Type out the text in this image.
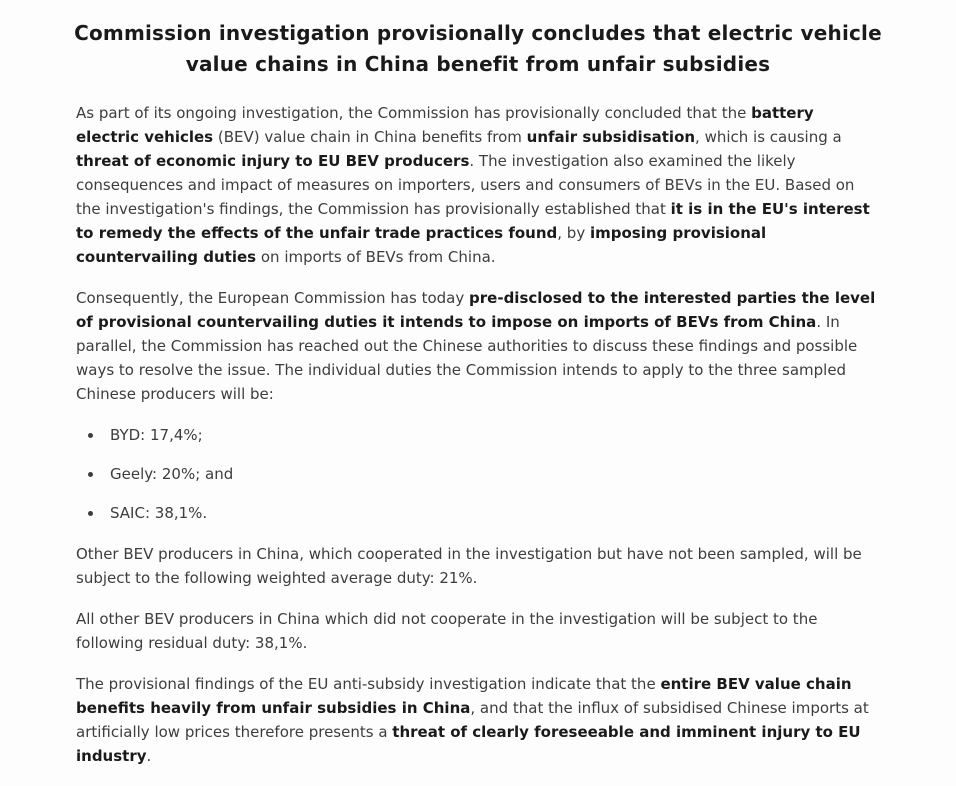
Commission investigation provisionally concludes that electric vehicle value chains in China benefit from unfair subsidies

As part of its ongoing investigation, the Commission has provisionally concluded that the battery electric vehicles (BEV) value chain in China benefits from unfair subsidisation, which is causing a threat of economic injury to EU BEV producers. The investigation also examined the likely consequences and impact of measures on importers, users and consumers of BEVs in the EU. Based on the investigation's findings, the Commission has provisionally established that it is in the EU's interest to remedy the effects of the unfair trade practices found, by imposing provisional countervailing duties on imports of BEVs from China.

Consequently, the European Commission has today pre-disclosed to the interested parties the level of provisional countervailing duties it intends to impose on imports of BEVs from China. In parallel, the Commission has reached out the Chinese authorities to discuss these findings and possible ways to resolve the issue. The individual duties the Commission intends to apply to the three sampled Chinese producers will be:

• BYD: 17,4%;
• Geely: 20%; and
• SAIC: 38,1%.

Other BEV producers in China, which cooperated in the investigation but have not been sampled, will be subject to the following weighted average duty: 21%.

All other BEV producers in China which did not cooperate in the investigation will be subject to the following residual duty: 38,1%.

The provisional findings of the EU anti-subsidy investigation indicate that the entire BEV value chain benefits heavily from unfair subsidies in China, and that the influx of subsidised Chinese imports at artificially low prices therefore presents a threat of clearly foreseeable and imminent injury to EU industry.
